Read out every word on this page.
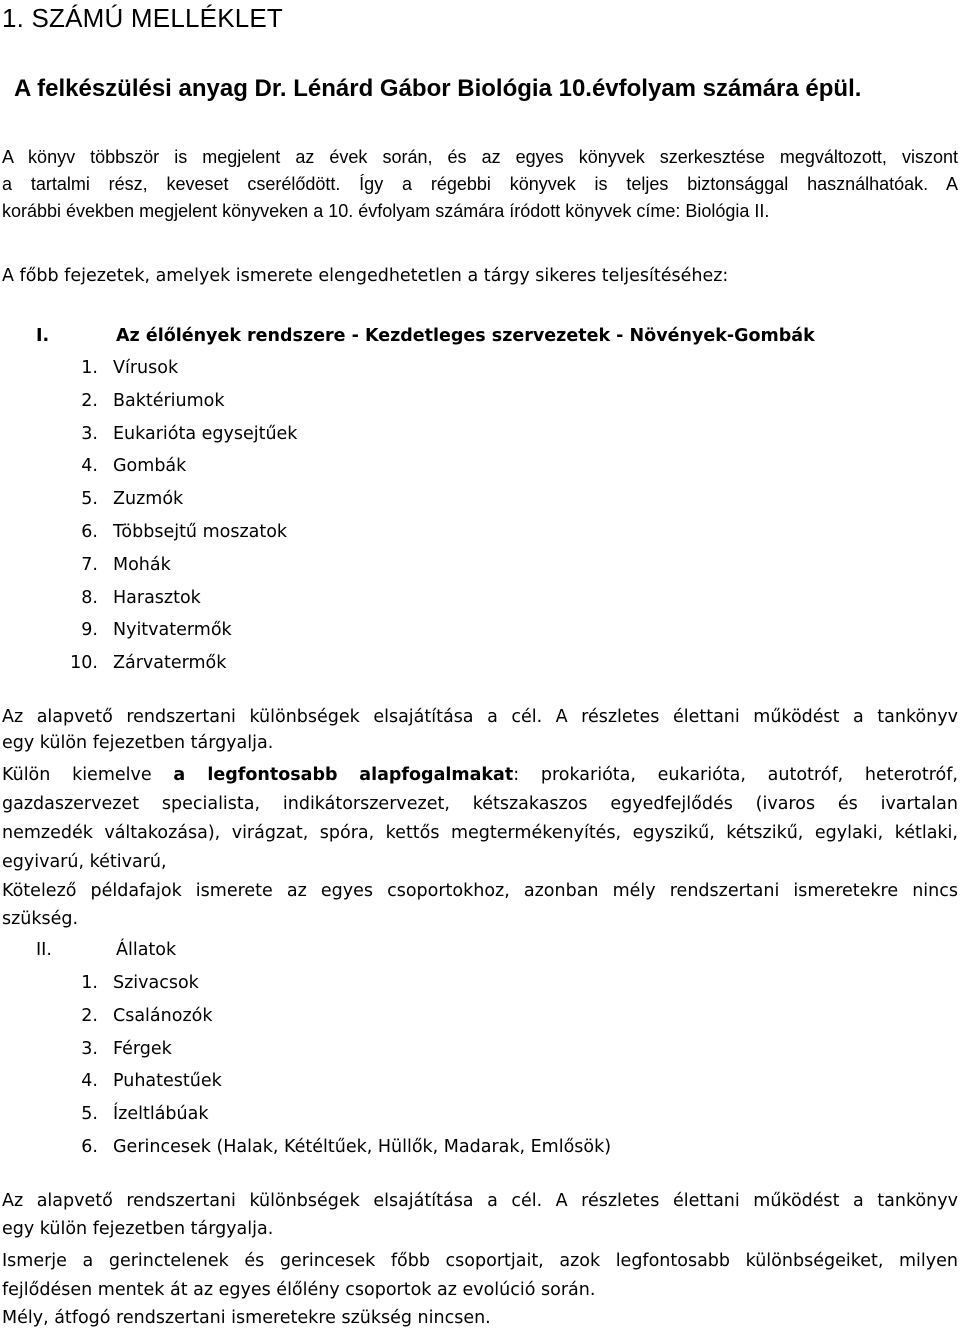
1. SZÁMÚ MELLÉKLET

A felkészülési anyag Dr. Lénárd Gábor Biológia 10.évfolyam számára épül.

A könyv többször is megjelent az évek során, és az egyes könyvek szerkesztése megváltozott, viszont

a tartalmi rész, keveset cserélődött. Így a régebbi könyvek is teljes biztonsággal használhatóak. A

korábbi években megjelent könyveken a 10. évfolyam számára íródott könyvek címe: Biológia II.

A főbb fejezetek, amelyek ismerete elengedhetetlen a tárgy sikeres teljesítéséhez:

I.	Az élőlények rendszere - Kezdetleges szervezetek - Növények-Gombák
1. Vírusok
2. Baktériumok
3. Eukarióta egysejtűek
4. Gombák
5. Zuzmók
6. Többsejtű moszatok
7. Mohák
8. Harasztok
9. Nyitvatermők
10. Zárvatermők

Az alapvető rendszertani különbségek elsajátítása a cél. A részletes élettani működést a tankönyv

egy külön fejezetben tárgyalja.

Külön kiemelve a legfontosabb alapfogalmakat: prokarióta, eukarióta, autotróf, heterotróf,

gazdaszervezet specialista, indikátorszervezet, kétszakaszos egyedfejlődés (ivaros és ivartalan

nemzedék váltakozása), virágzat, spóra, kettős megtermékenyítés, egyszikű, kétszikű, egylaki, kétlaki,

egyivarú, kétivarú,

Kötelező példafajok ismerete az egyes csoportokhoz, azonban mély rendszertani ismeretekre nincs

szükség.

II.	Állatok
1. Szivacsok
2. Csalánozók
3. Férgek
4. Puhatestűek
5. Ízeltlábúak
6. Gerincesek (Halak, Kétéltűek, Hüllők, Madarak, Emlősök)

Az alapvető rendszertani különbségek elsajátítása a cél. A részletes élettani működést a tankönyv

egy külön fejezetben tárgyalja.

Ismerje a gerinctelenek és gerincesek főbb csoportjait, azok legfontosabb különbségeiket, milyen

fejlődésen mentek át az egyes élőlény csoportok az evolúció során.

Mély, átfogó rendszertani ismeretekre szükség nincsen.
